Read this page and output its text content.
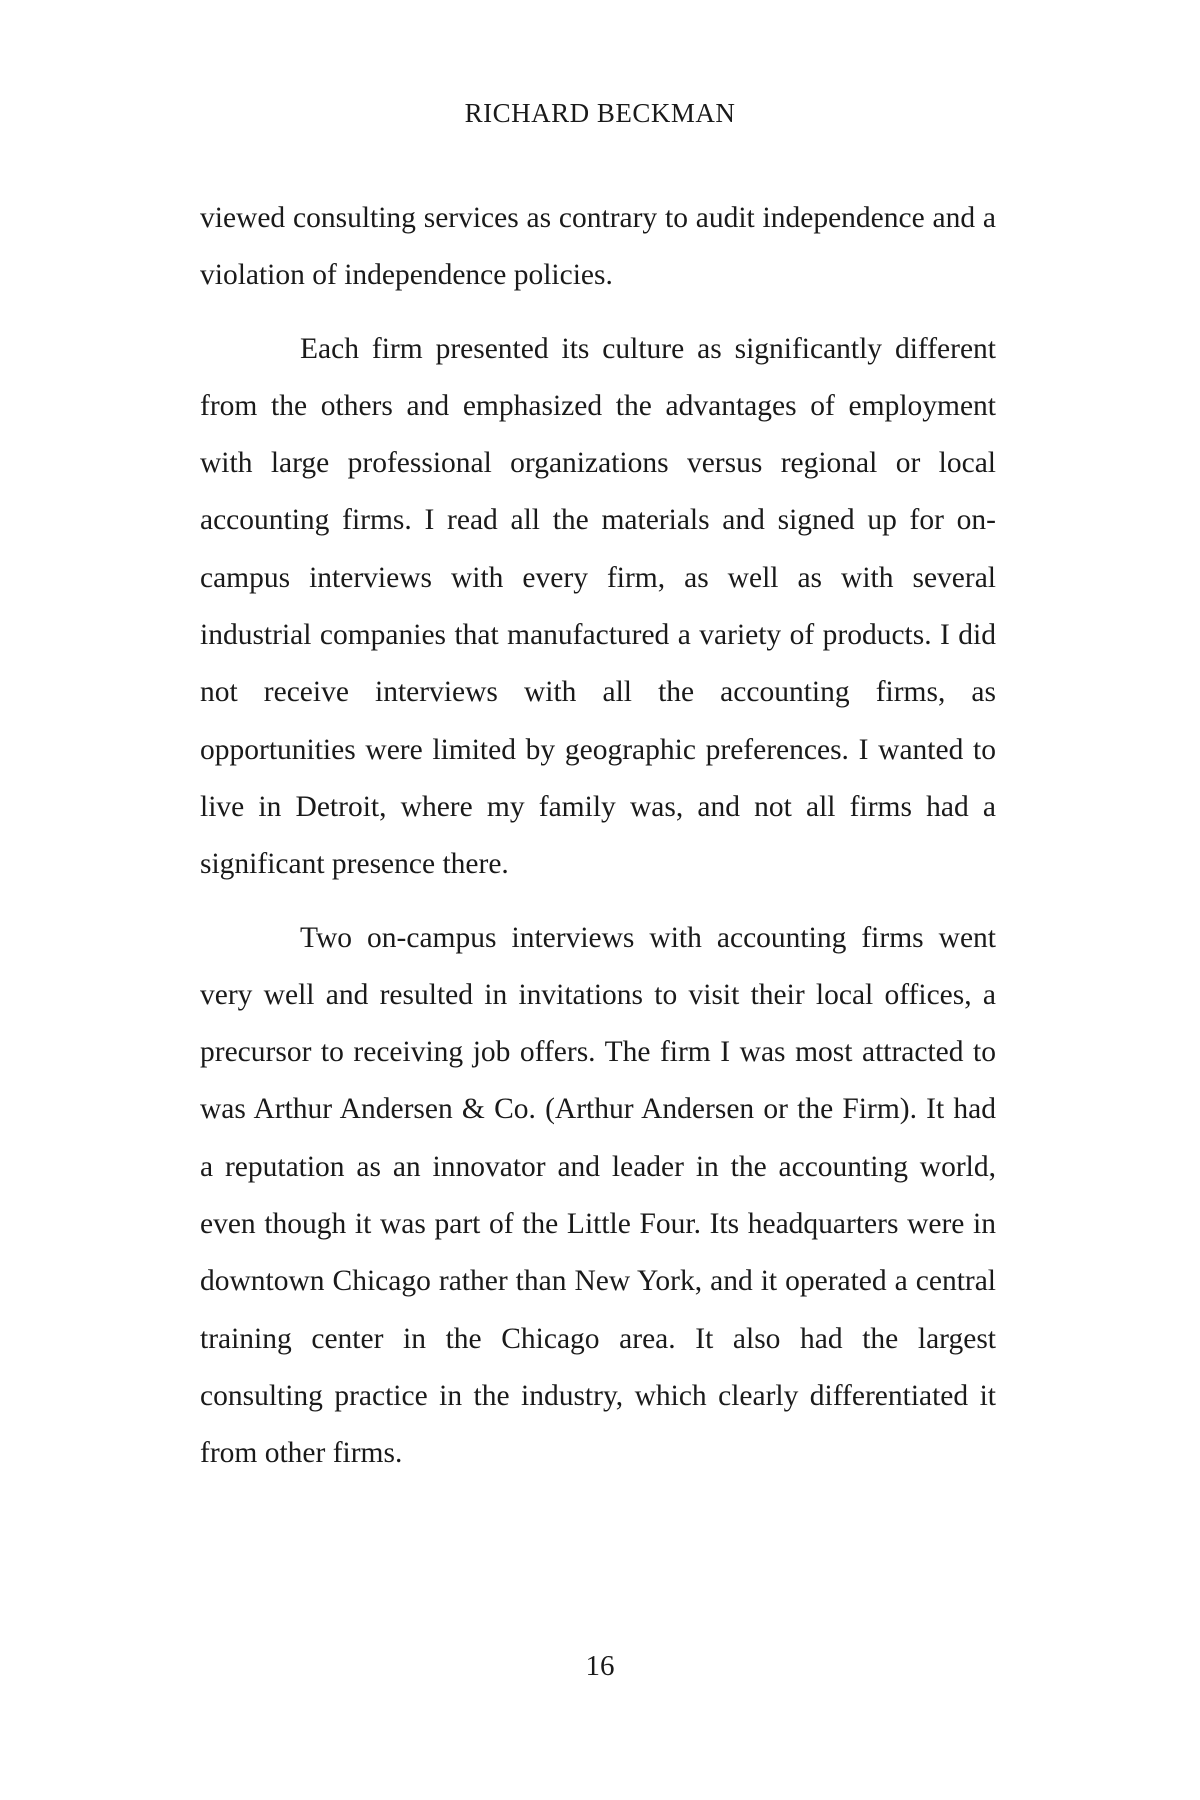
RICHARD BECKMAN

viewed consulting services as contrary to audit independence and a violation of independence policies.

Each firm presented its culture as significantly different from the others and emphasized the advantages of employment with large professional organizations versus regional or local accounting firms. I read all the materials and signed up for on-campus interviews with every firm, as well as with several industrial companies that manufactured a variety of products. I did not receive interviews with all the accounting firms, as opportunities were limited by geographic preferences. I wanted to live in Detroit, where my family was, and not all firms had a significant presence there.

Two on-campus interviews with accounting firms went very well and resulted in invitations to visit their local offices, a precursor to receiving job offers. The firm I was most attracted to was Arthur Andersen & Co. (Arthur Andersen or the Firm). It had a reputation as an innovator and leader in the accounting world, even though it was part of the Little Four. Its headquarters were in downtown Chicago rather than New York, and it operated a central training center in the Chicago area. It also had the largest consulting practice in the industry, which clearly differentiated it from other firms.

16
